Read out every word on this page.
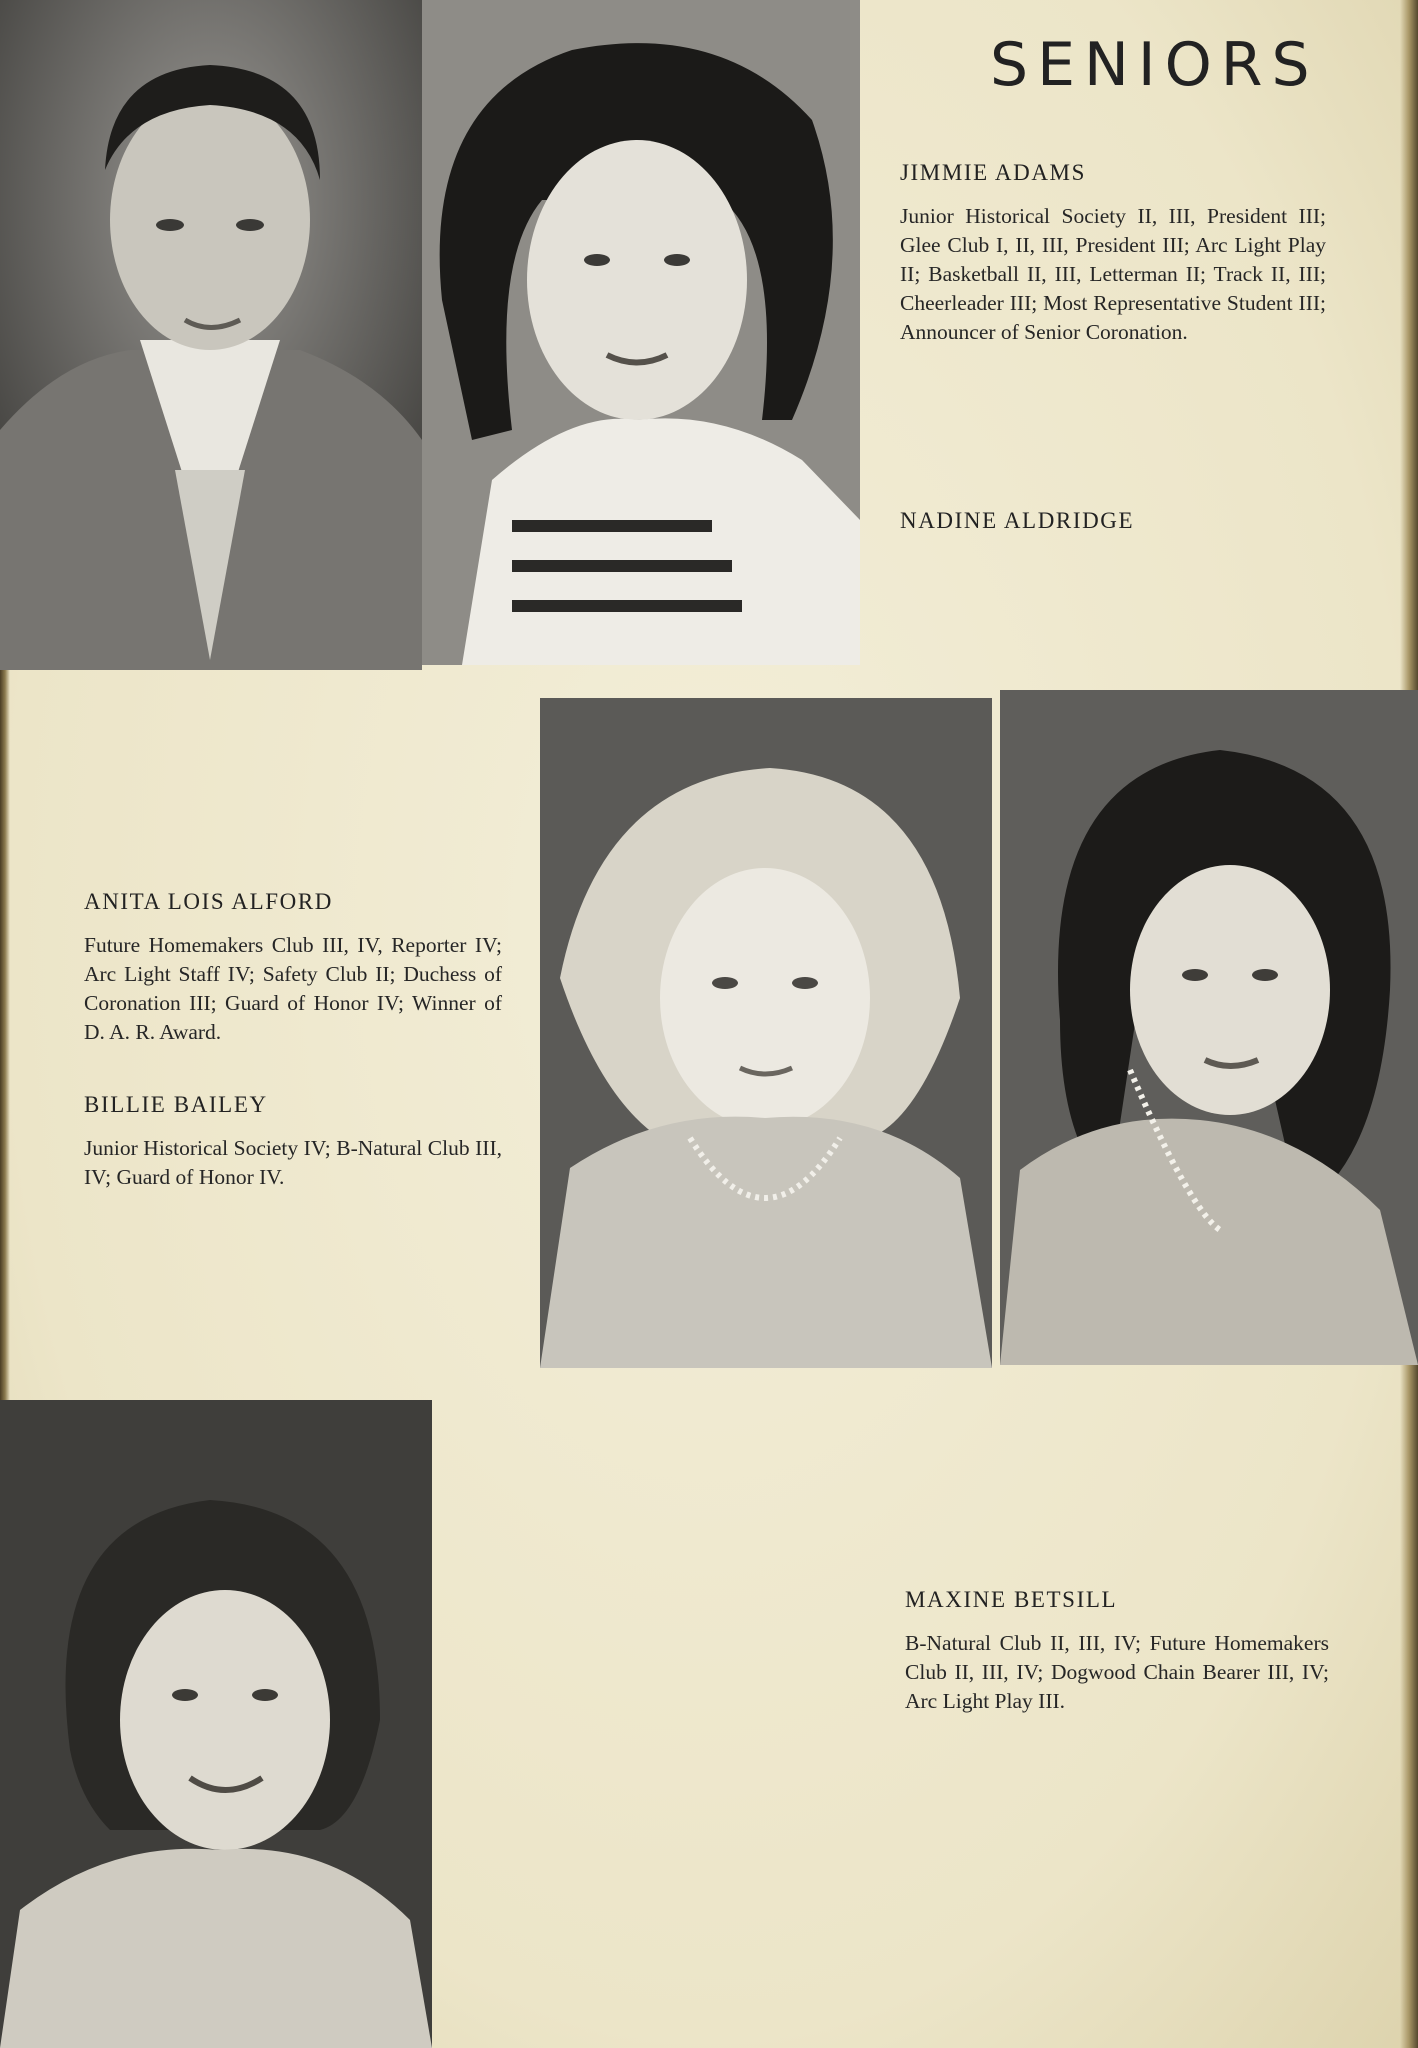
SENIORS
JIMMIE ADAMS
Junior Historical Society II, III, President III; Glee Club I, II, III, President III; Arc Light Play II; Basketball II, III, Letterman II; Track II, III; Cheerleader III; Most Representative Student III; Announcer of Senior Coronation.
NADINE ALDRIDGE
ANITA LOIS ALFORD
Future Homemakers Club III, IV, Reporter IV; Arc Light Staff IV; Safety Club II; Duchess of Coronation III; Guard of Honor IV; Winner of D. A. R. Award.
BILLIE BAILEY
Junior Historical Society IV; B-Natural Club III, IV; Guard of Honor IV.
MAXINE BETSILL
B-Natural Club II, III, IV; Future Homemakers Club II, III, IV; Dogwood Chain Bearer III, IV; Arc Light Play III.
